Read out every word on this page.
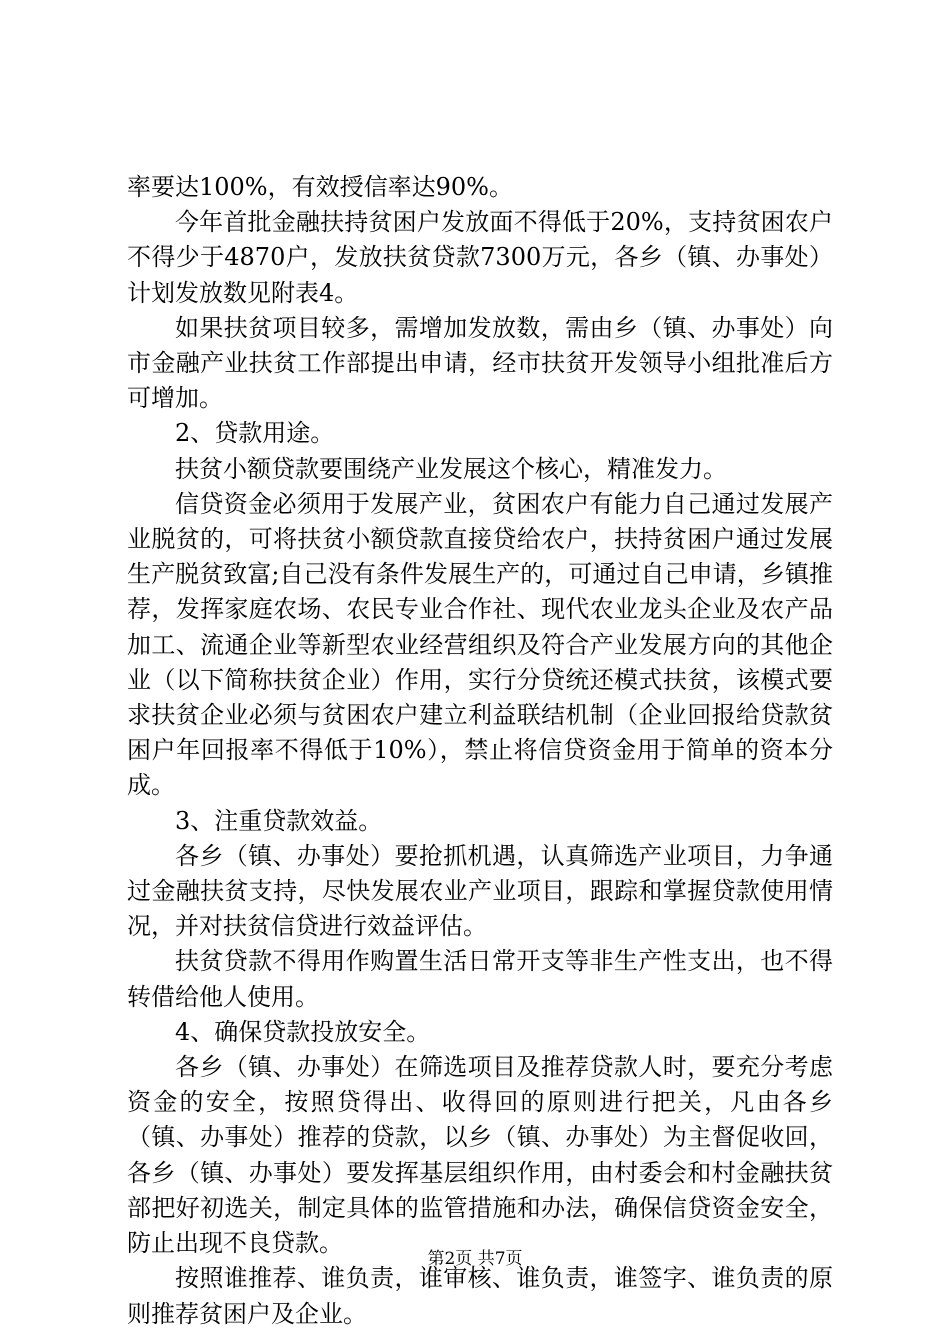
率要达100%，有效授信率达90%。

今年首批金融扶持贫困户发放面不得低于20%，支持贫困农户不得少于4870户，发放扶贫贷款7300万元，各乡（镇、办事处）计划发放数见附表4。

如果扶贫项目较多，需增加发放数，需由乡（镇、办事处）向市金融产业扶贫工作部提出申请，经市扶贫开发领导小组批准后方可增加。

2、贷款用途。

扶贫小额贷款要围绕产业发展这个核心，精准发力。

信贷资金必须用于发展产业，贫困农户有能力自己通过发展产业脱贫的，可将扶贫小额贷款直接贷给农户，扶持贫困户通过发展生产脱贫致富;自己没有条件发展生产的，可通过自己申请，乡镇推荐，发挥家庭农场、农民专业合作社、现代农业龙头企业及农产品加工、流通企业等新型农业经营组织及符合产业发展方向的其他企业（以下简称扶贫企业）作用，实行分贷统还模式扶贫，该模式要求扶贫企业必须与贫困农户建立利益联结机制（企业回报给贷款贫困户年回报率不得低于10%），禁止将信贷资金用于简单的资本分成。

3、注重贷款效益。

各乡（镇、办事处）要抢抓机遇，认真筛选产业项目，力争通过金融扶贫支持，尽快发展农业产业项目，跟踪和掌握贷款使用情况，并对扶贫信贷进行效益评估。

扶贫贷款不得用作购置生活日常开支等非生产性支出，也不得转借给他人使用。

4、确保贷款投放安全。

各乡（镇、办事处）在筛选项目及推荐贷款人时，要充分考虑资金的安全，按照贷得出、收得回的原则进行把关，凡由各乡（镇、办事处）推荐的贷款，以乡（镇、办事处）为主督促收回，各乡（镇、办事处）要发挥基层组织作用，由村委会和村金融扶贫部把好初选关，制定具体的监管措施和办法，确保信贷资金安全，防止出现不良贷款。

按照谁推荐、谁负责，谁审核、谁负责，谁签字、谁负责的原则推荐贫困户及企业。

第2页 共7页
